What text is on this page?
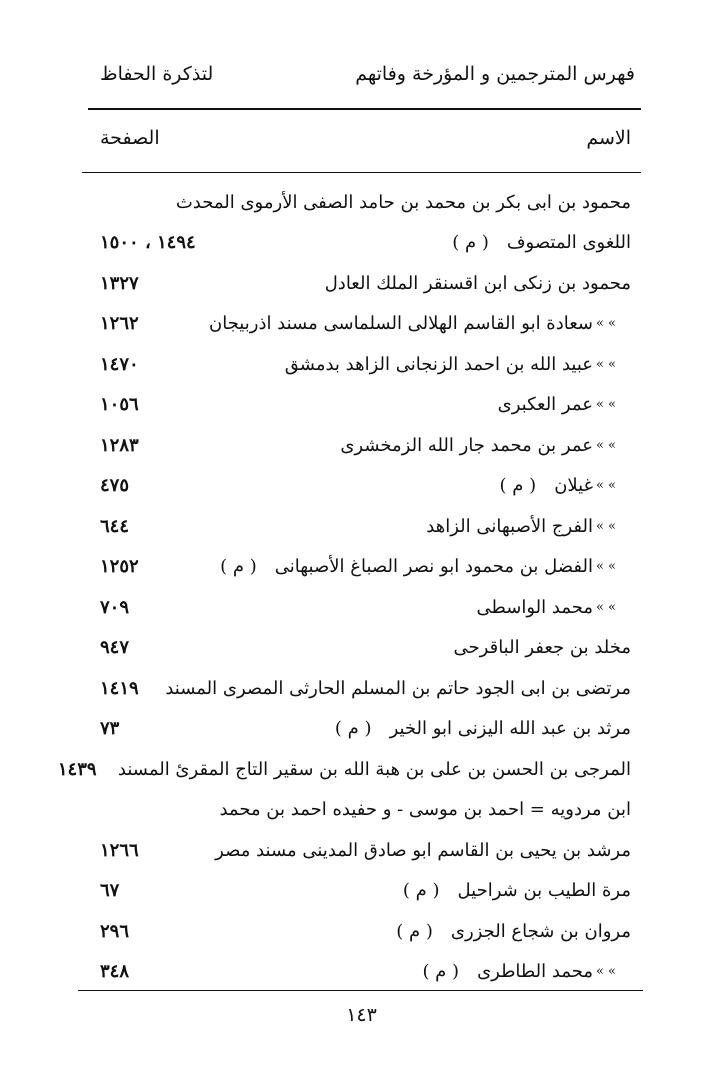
فهرس المترجمين و المؤرخة وفاتهم
لتذكرة الحفاظ
الاسم
الصفحة
محمود بن ابى بكر بن محمد بن حامد الصفى الأرموى المحدث
اللغوى المتصوف
( م )
١٤٩٤ ، ١٥٠٠
محمود بن زنكى ابن اقسنقر الملك العادل
١٣٢٧
» »
سعادة ابو القاسم الهلالى السلماسى مسند اذربيجان
١٢٦٢
» »
عبيد الله بن احمد الزنجانى الزاهد بدمشق
١٤٧٠
» »
عمر العكبرى
١٠٥٦
» »
عمر بن محمد جار الله الزمخشرى
١٢٨٣
» »
غيلان
( م )
٤٧٥
» »
الفرج الأصبهانى الزاهد
٦٤٤
» »
الفضل بن محمود ابو نصر الصباغ الأصبهانى
( م )
١٢٥٢
» »
محمد الواسطى
٧٠٩
مخلد بن جعفر الباقرحى
٩٤٧
مرتضى بن ابى الجود حاتم بن المسلم الحارثى المصرى المسند
١٤١٩
مرثد بن عبد الله اليزنى ابو الخير
( م )
٧٣
المرجى بن الحسن بن على بن هبة الله بن سقير التاج المقرئ المسند
١٤٣٩
ابن مردويه = احمد بن موسى - و حفيده احمد بن محمد
مرشد بن يحيى بن القاسم ابو صادق المدينى مسند مصر
١٢٦٦
مرة الطيب بن شراحيل
( م )
٦٧
مروان بن شجاع الجزرى
( م )
٢٩٦
» »
محمد الطاطرى
( م )
٣٤٨
١٤٣
